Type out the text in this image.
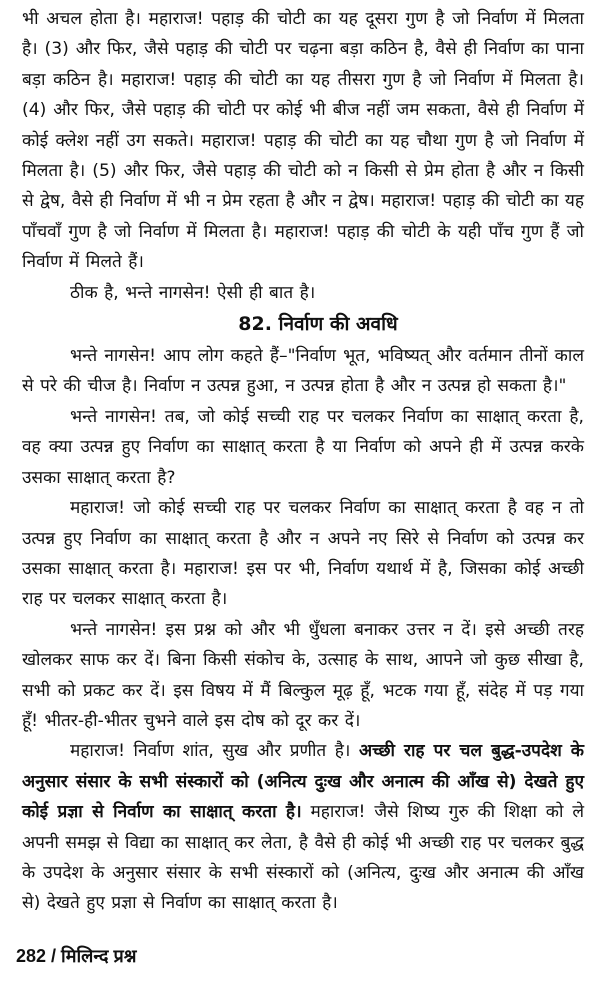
भी अचल होता है। महाराज! पहाड़ की चोटी का यह दूसरा गुण है जो निर्वाण में मिलता है। (3) और फिर, जैसे पहाड़ की चोटी पर चढ़ना बड़ा कठिन है, वैसे ही निर्वाण का पाना बड़ा कठिन है। महाराज! पहाड़ की चोटी का यह तीसरा गुण है जो निर्वाण में मिलता है।(4) और फिर, जैसे पहाड़ की चोटी पर कोई भी बीज नहीं जम सकता, वैसे ही निर्वाण में कोई क्लेश नहीं उग सकते। महाराज! पहाड़ की चोटी का यह चौथा गुण है जो निर्वाण में मिलता है। (5) और फिर, जैसे पहाड़ की चोटी को न किसी से प्रेम होता है और न किसी से द्वेष, वैसे ही निर्वाण में भी न प्रेम रहता है और न द्वेष। महाराज! पहाड़ की चोटी का यह पाँचवाँ गुण है जो निर्वाण में मिलता है। महाराज! पहाड़ की चोटी के यही पाँच गुण हैं जो निर्वाण में मिलते हैं।

ठीक है, भन्ते नागसेन! ऐसी ही बात है।

82. निर्वाण की अवधि

भन्ते नागसेन! आप लोग कहते हैं–"निर्वाण भूत, भविष्यत् और वर्तमान तीनों काल से परे की चीज है। निर्वाण न उत्पन्न हुआ, न उत्पन्न होता है और न उत्पन्न हो सकता है।"

भन्ते नागसेन! तब, जो कोई सच्ची राह पर चलकर निर्वाण का साक्षात् करता है, वह क्या उत्पन्न हुए निर्वाण का साक्षात् करता है या निर्वाण को अपने ही में उत्पन्न करके उसका साक्षात् करता है?

महाराज! जो कोई सच्ची राह पर चलकर निर्वाण का साक्षात् करता है वह न तो उत्पन्न हुए निर्वाण का साक्षात् करता है और न अपने नए सिरे से निर्वाण को उत्पन्न कर उसका साक्षात् करता है। महाराज! इस पर भी, निर्वाण यथार्थ में है, जिसका कोई अच्छी राह पर चलकर साक्षात् करता है।

भन्ते नागसेन! इस प्रश्न को और भी धुँधला बनाकर उत्तर न दें। इसे अच्छी तरह खोलकर साफ कर दें। बिना किसी संकोच के, उत्साह के साथ, आपने जो कुछ सीखा है, सभी को प्रकट कर दें। इस विषय में मैं बिल्कुल मूढ़ हूँ, भटक गया हूँ, संदेह में पड़ गया हूँ! भीतर-ही-भीतर चुभने वाले इस दोष को दूर कर दें।

महाराज! निर्वाण शांत, सुख और प्रणीत है। अच्छी राह पर चल बुद्ध-उपदेश के अनुसार संसार के सभी संस्कारों को (अनित्य दुःख और अनात्म की आँख से) देखते हुए कोई प्रज्ञा से निर्वाण का साक्षात् करता है। महाराज! जैसे शिष्य गुरु की शिक्षा को ले अपनी समझ से विद्या का साक्षात् कर लेता, है वैसे ही कोई भी अच्छी राह पर चलकर बुद्ध के उपदेश के अनुसार संसार के सभी संस्कारों को (अनित्य, दुःख और अनात्म की आँख से) देखते हुए प्रज्ञा से निर्वाण का साक्षात् करता है।

282 / मिलिन्द प्रश्न
